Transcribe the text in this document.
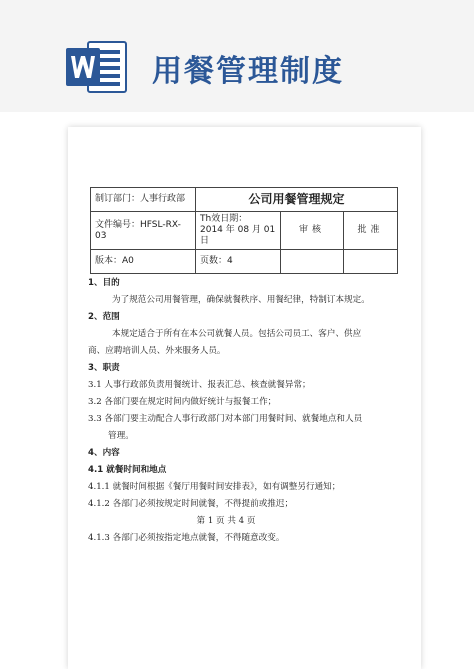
用餐管理制度
制订部门：人事行政部	公司用餐管理规定		
文件编号：HFSL-RX-03	Th效日期：
2014 年 08 月 01 日	审核	批准
版本：A0	页数：4		

1、目的

为了规范公司用餐管理，确保就餐秩序、用餐纪律，特制订本规定。

2、范围

本规定适合于所有在本公司就餐人员。包括公司员工、客户、供应

商、应聘培训人员、外来服务人员。

3、职责

3.1 人事行政部负责用餐统计、报表汇总、核查就餐异常；

3.2 各部门要在规定时间内做好统计与报餐工作；

3.3 各部门要主动配合人事行政部门对本部门用餐时间、就餐地点和人员

管理。

4、内容

4.1 就餐时间和地点

4.1.1 就餐时间根据《餐厅用餐时间安排表》，如有调整另行通知；

4.1.2 各部门必须按规定时间就餐，不得提前或推迟；

第 1 页 共 4 页

4.1.3 各部门必须按指定地点就餐，不得随意改变。
